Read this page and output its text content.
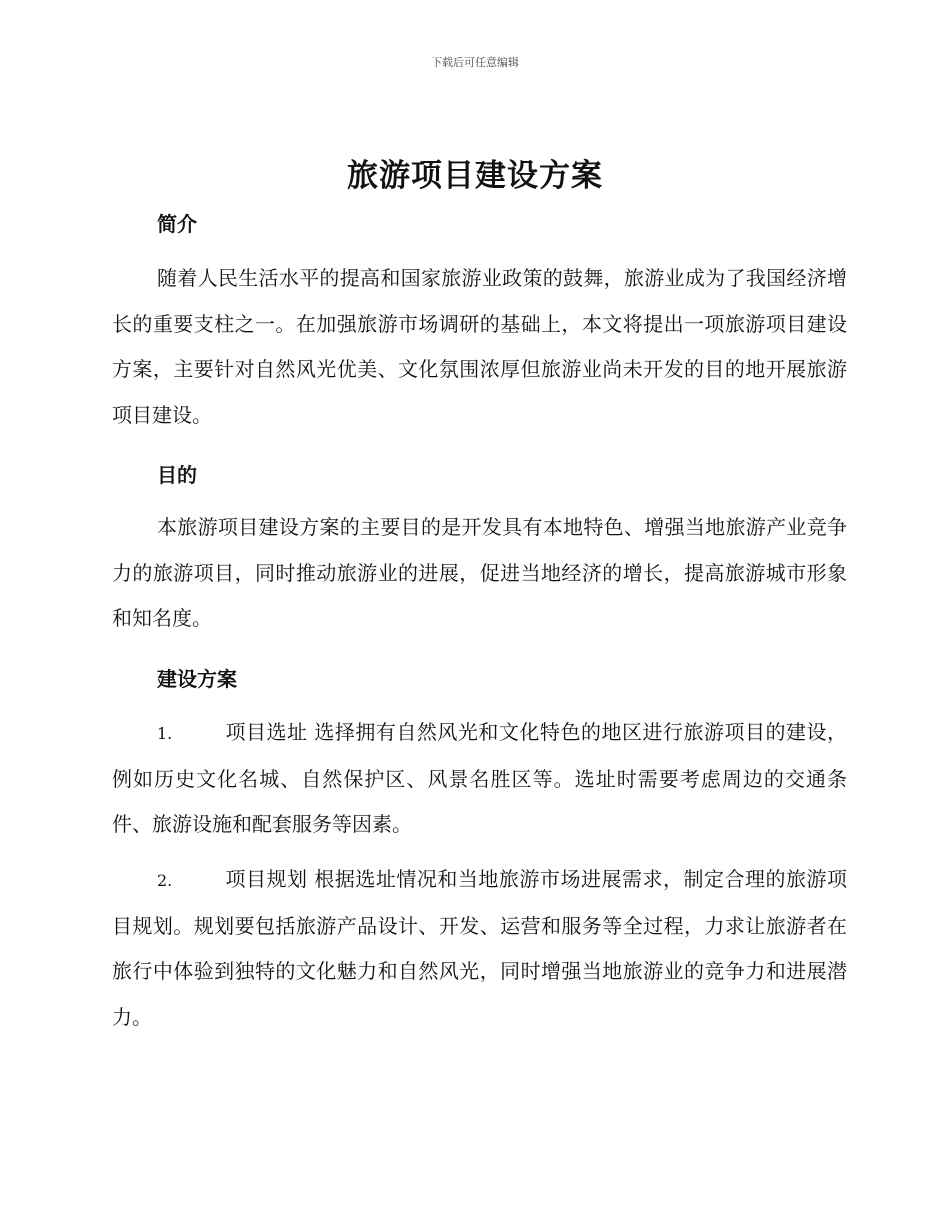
下载后可任意编辑
旅游项目建设方案
简介
随着人民生活水平的提高和国家旅游业政策的鼓舞，旅游业成为了我国经济增长的重要支柱之一。在加强旅游市场调研的基础上，本文将提出一项旅游项目建设方案，主要针对自然风光优美、文化氛围浓厚但旅游业尚未开发的目的地开展旅游项目建设。
目的
本旅游项目建设方案的主要目的是开发具有本地特色、增强当地旅游产业竞争力的旅游项目，同时推动旅游业的进展，促进当地经济的增长，提高旅游城市形象和知名度。
建设方案
1.	项目选址 选择拥有自然风光和文化特色的地区进行旅游项目的建设，例如历史文化名城、自然保护区、风景名胜区等。选址时需要考虑周边的交通条件、旅游设施和配套服务等因素。
2.	项目规划 根据选址情况和当地旅游市场进展需求，制定合理的旅游项目规划。规划要包括旅游产品设计、开发、运营和服务等全过程，力求让旅游者在旅行中体验到独特的文化魅力和自然风光，同时增强当地旅游业的竞争力和进展潜力。
